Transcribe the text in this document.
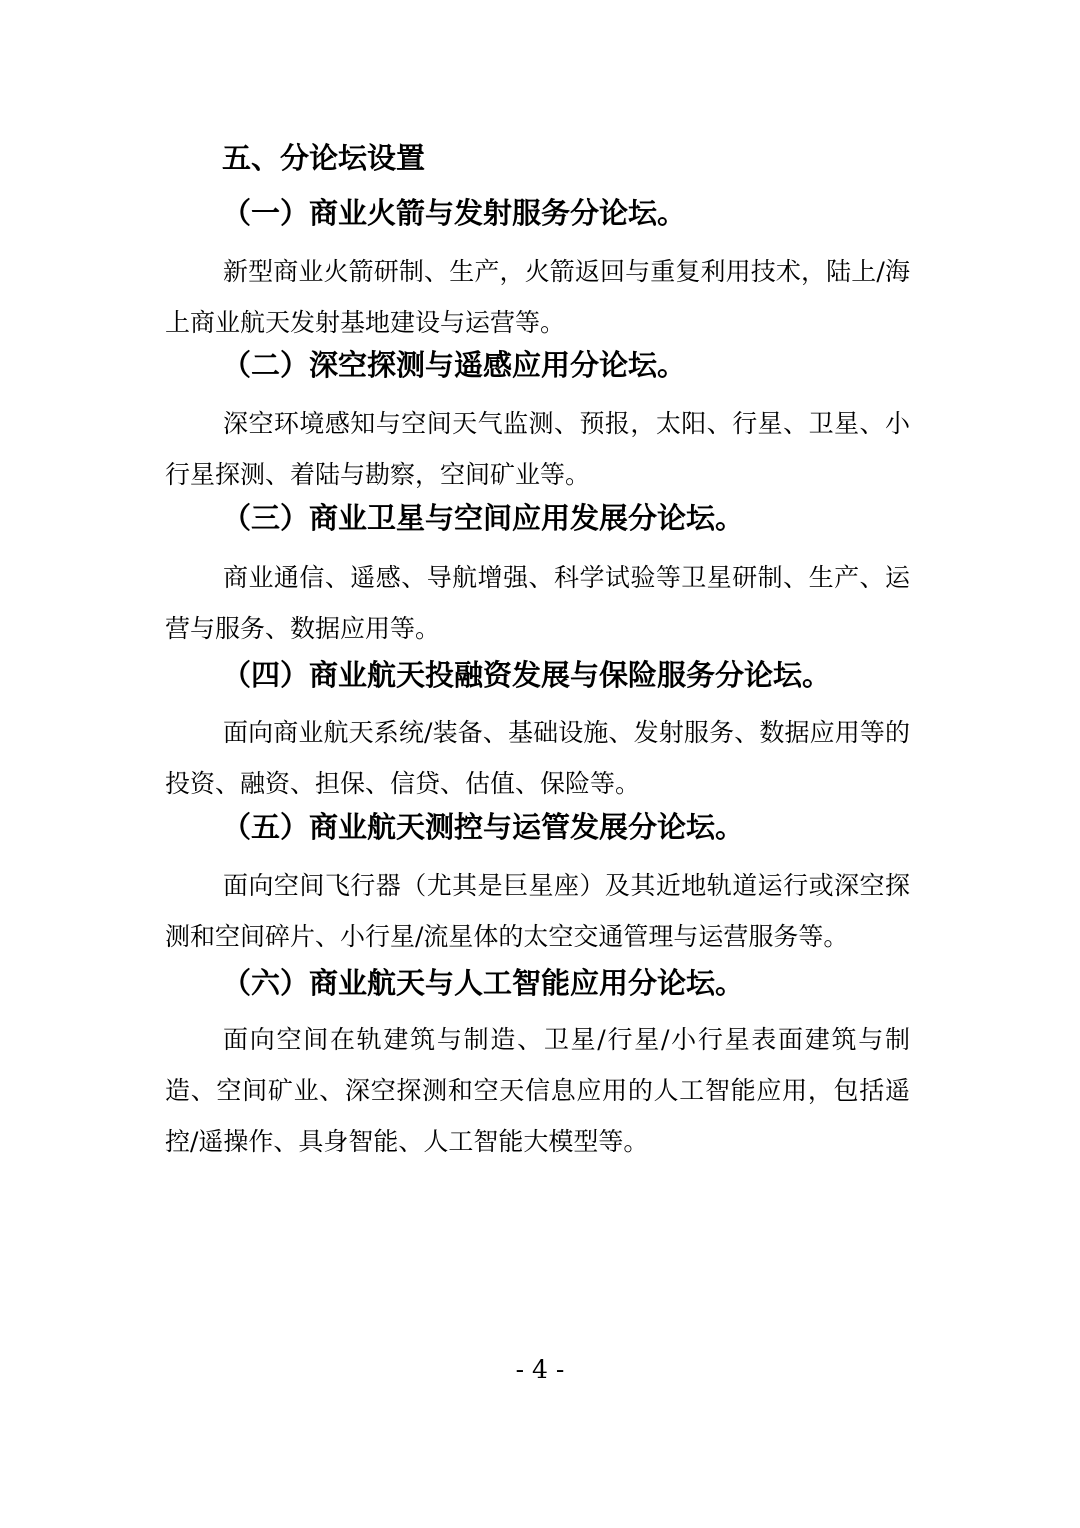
五、分论坛设置
（一）商业火箭与发射服务分论坛。
新型商业火箭研制、生产，火箭返回与重复利用技术，陆上/海上商业航天发射基地建设与运营等。
（二）深空探测与遥感应用分论坛。
深空环境感知与空间天气监测、预报，太阳、行星、卫星、小行星探测、着陆与勘察，空间矿业等。
（三）商业卫星与空间应用发展分论坛。
商业通信、遥感、导航增强、科学试验等卫星研制、生产、运营与服务、数据应用等。
（四）商业航天投融资发展与保险服务分论坛。
面向商业航天系统/装备、基础设施、发射服务、数据应用等的投资、融资、担保、信贷、估值、保险等。
（五）商业航天测控与运管发展分论坛。
面向空间飞行器（尤其是巨星座）及其近地轨道运行或深空探测和空间碎片、小行星/流星体的太空交通管理与运营服务等。
（六）商业航天与人工智能应用分论坛。
面向空间在轨建筑与制造、卫星/行星/小行星表面建筑与制造、空间矿业、深空探测和空天信息应用的人工智能应用，包括遥控/遥操作、具身智能、人工智能大模型等。
- 4 -
